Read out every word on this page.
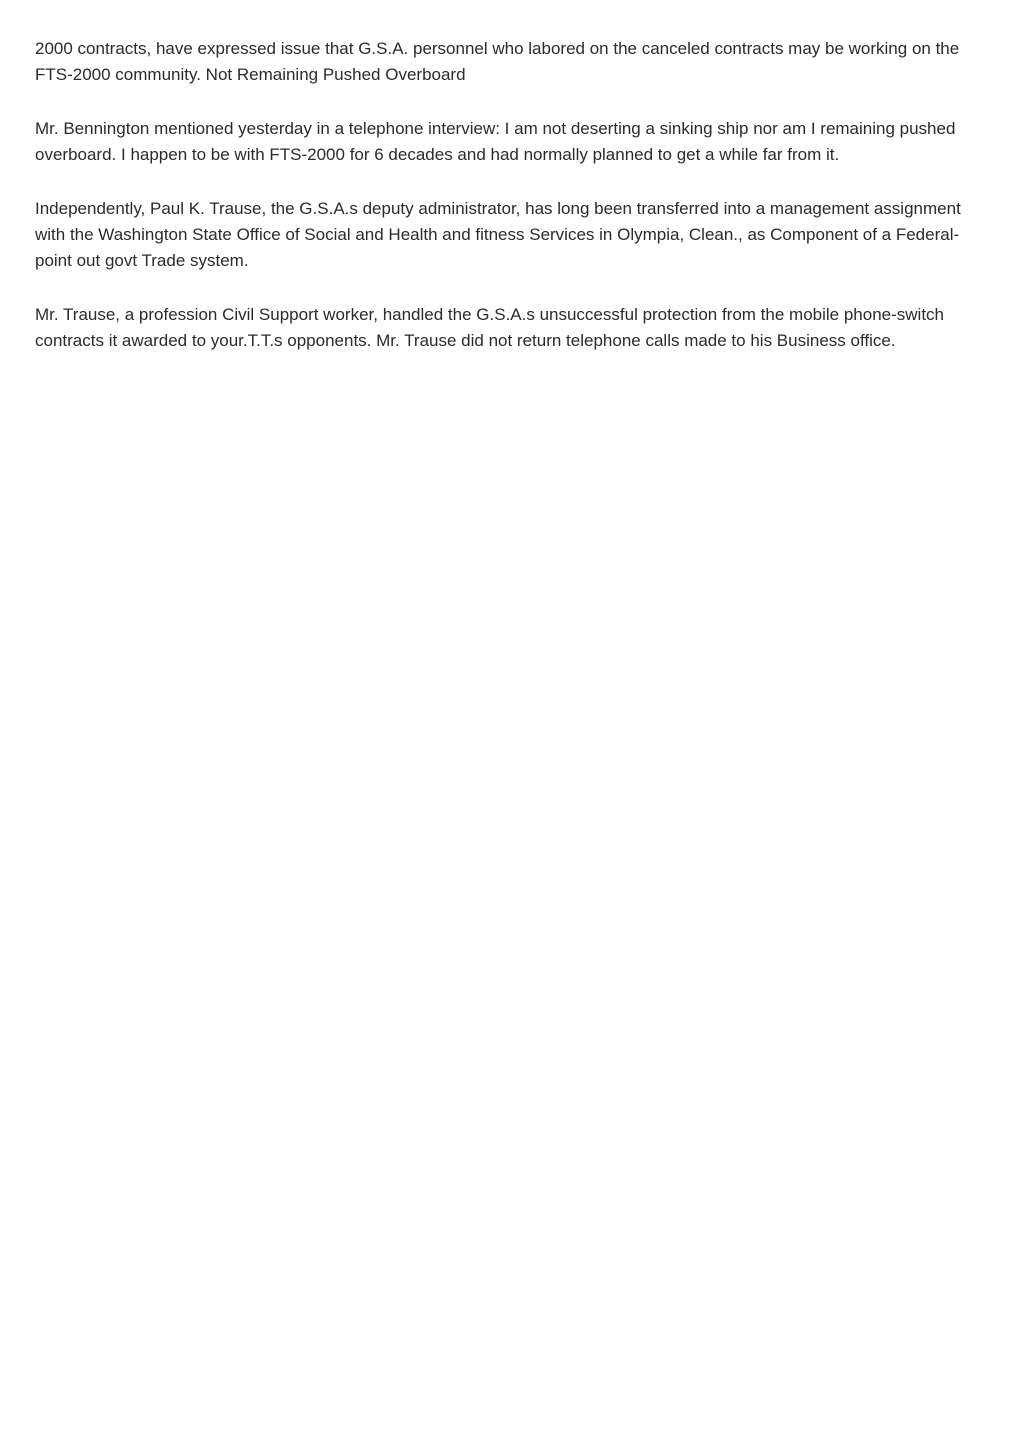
2000 contracts, have expressed issue that G.S.A. personnel who labored on the canceled contracts may be working on the FTS-2000 community. Not Remaining Pushed Overboard

Mr. Bennington mentioned yesterday in a telephone interview: I am not deserting a sinking ship nor am I remaining pushed overboard. I happen to be with FTS-2000 for 6 decades and had normally planned to get a while far from it.

Independently, Paul K. Trause, the G.S.A.s deputy administrator, has long been transferred into a management assignment with the Washington State Office of Social and Health and fitness Services in Olympia, Clean., as Component of a Federal-point out govt Trade system.

Mr. Trause, a profession Civil Support worker, handled the G.S.A.s unsuccessful protection from the mobile phone-switch contracts it awarded to your.T.T.s opponents. Mr. Trause did not return telephone calls made to his Business office.
